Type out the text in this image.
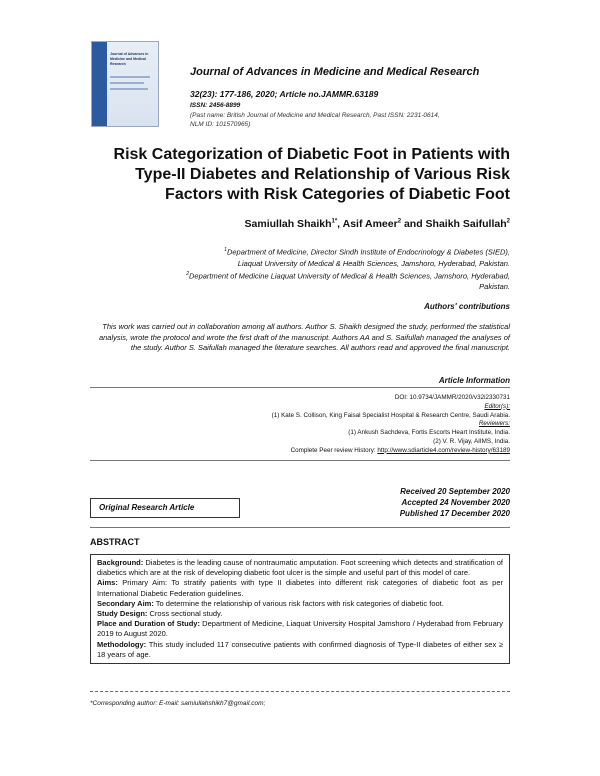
Journal of Advances in Medicine and Medical Research
Journal of Advances in Medicine and Medical Research
32(23): 177-186, 2020; Article no.JAMMR.63189
ISSN: 2456-8899
(Past name: British Journal of Medicine and Medical Research, Past ISSN: 2231-0614,
NLM ID: 101570965)
Risk Categorization of Diabetic Foot in Patients with Type-II Diabetes and Relationship of Various Risk Factors with Risk Categories of Diabetic Foot
Samiullah Shaikh$^{1*}$, Asif Ameer$^2$ and Shaikh Saifullah$^2$
$^1$Department of Medicine, Director Sindh Institute of Endocrinology & Diabetes (SIED),
Liaquat University of Medical & Health Sciences, Jamshoro, Hyderabad, Pakistan.
$^2$Department of Medicine Liaquat University of Medical & Health Sciences, Jamshoro, Hyderabad,
Pakistan.
Authors' contributions
This work was carried out in collaboration among all authors. Author S. Shaikh designed the study, performed the statistical analysis, wrote the protocol and wrote the first draft of the manuscript. Authors AA and S. Saifullah managed the analyses of the study. Author S. Saifullah managed the literature searches. All authors read and approved the final manuscript.
Article Information
DOI: 10.9734/JAMMR/2020/v32i2330731
Editor(s):
(1) Kate S. Collison, King Faisal Specialist Hospital & Research Centre, Saudi Arabia.
Reviewers:
(1) Ankush Sachdeva, Fortis Escorts Heart Institute, India.
(2) V. R. Vijay, AIIMS, India.
Complete Peer review History: http://www.sdiarticle4.com/review-history/63189
Original Research Article
Received 20 September 2020
Accepted 24 November 2020
Published 17 December 2020
ABSTRACT
Background: Diabetes is the leading cause of nontraumatic amputation. Foot screening which detects and stratification of diabetics which are at the risk of developing diabetic foot ulcer is the simple and useful part of this model of care.
Aims: Primary Aim: To stratify patients with type II diabetes into different risk categories of diabetic foot as per International Diabetic Federation guidelines.
Secondary Aim: To determine the relationship of various risk factors with risk categories of diabetic foot.
Study Design: Cross sectional study.
Place and Duration of Study: Department of Medicine, Liaquat University Hospital Jamshoro / Hyderabad from February 2019 to August 2020.
Methodology: This study included 117 consecutive patients with confirmed diagnosis of Type-II diabetes of either sex ≥ 18 years of age.
*Corresponding author: E-mail: samiullahshikh7@gmail.com;
